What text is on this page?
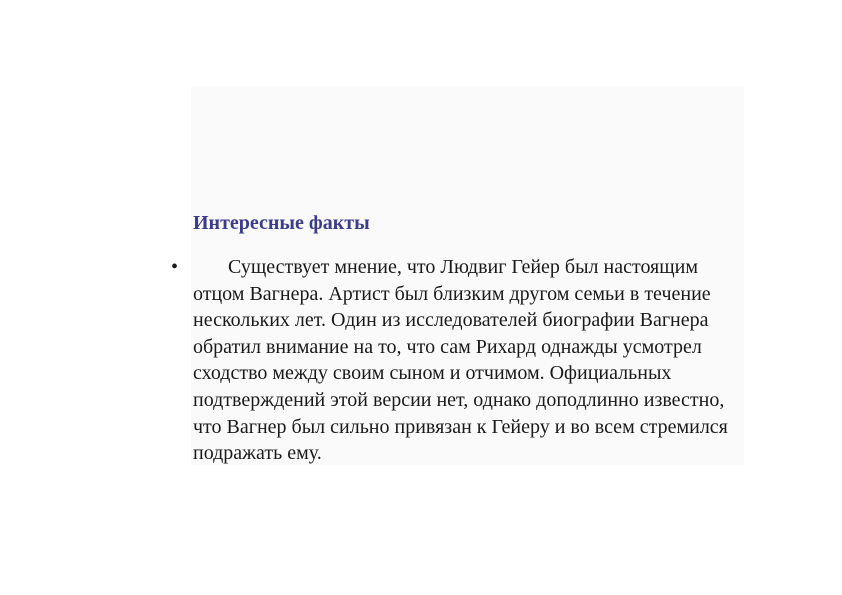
Интересные факты
•	Существует мнение, что Людвиг Гейер был настоящим отцом Вагнера. Артист был близким другом семьи в течение нескольких лет. Один из исследователей биографии Вагнера обратил внимание на то, что сам Рихард однажды усмотрел сходство между своим сыном и отчимом. Официальных подтверждений этой версии нет, однако доподлинно известно, что Вагнер был сильно привязан к Гейеру и во всем стремился подражать ему.
